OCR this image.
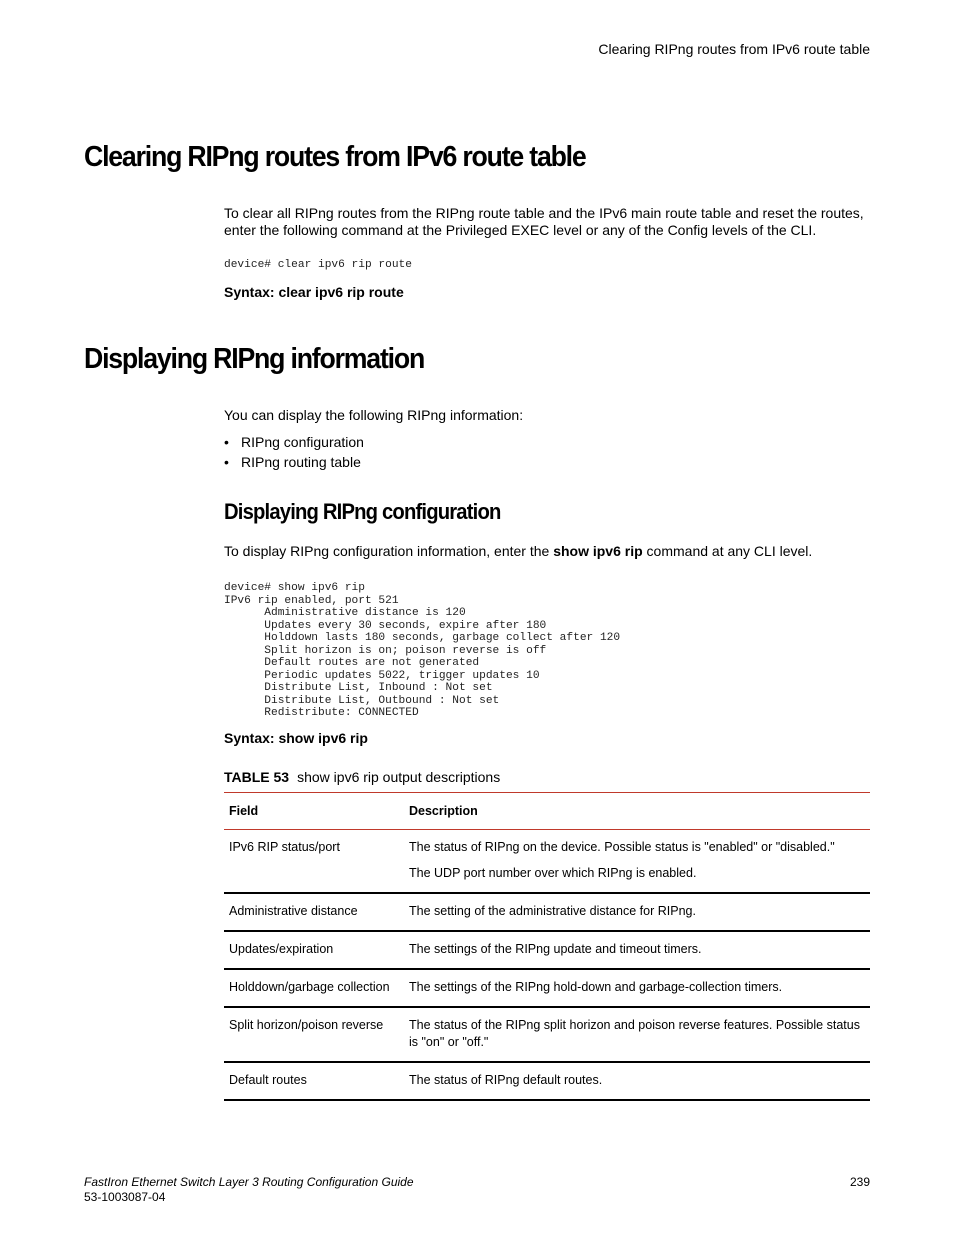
Clearing RIPng routes from IPv6 route table
Clearing RIPng routes from IPv6 route table
To clear all RIPng routes from the RIPng route table and the IPv6 main route table and reset the routes, enter the following command at the Privileged EXEC level or any of the Config levels of the CLI.
device# clear ipv6 rip route
Syntax: clear ipv6 rip route
Displaying RIPng information
You can display the following RIPng information:
• RIPng configuration
• RIPng routing table
Displaying RIPng configuration
To display RIPng configuration information, enter the show ipv6 rip command at any CLI level.
device# show ipv6 rip
IPv6 rip enabled, port 521
Administrative distance is 120
Updates every 30 seconds, expire after 180
Holddown lasts 180 seconds, garbage collect after 120
Split horizon is on; poison reverse is off
Default routes are not generated
Periodic updates 5022, trigger updates 10
Distribute List, Inbound : Not set
Distribute List, Outbound : Not set
Redistribute: CONNECTED
Syntax: show ipv6 rip
TABLE 53 show ipv6 rip output descriptions
Field	Description
IPv6 RIP status/port	The status of RIPng on the device. Possible status is "enabled" or "disabled."

The UDP port number over which RIPng is enabled.

Administrative distance	The setting of the administrative distance for RIPng.

Updates/expiration	The settings of the RIPng update and timeout timers.

Holddown/garbage collection	The settings of the RIPng hold-down and garbage-collection timers.

Split horizon/poison reverse	The status of the RIPng split horizon and poison reverse features. Possible status is "on" or "off."

Default routes	The status of RIPng default routes.

FastIron Ethernet Switch Layer 3 Routing Configuration Guide
53-1003087-04
239
